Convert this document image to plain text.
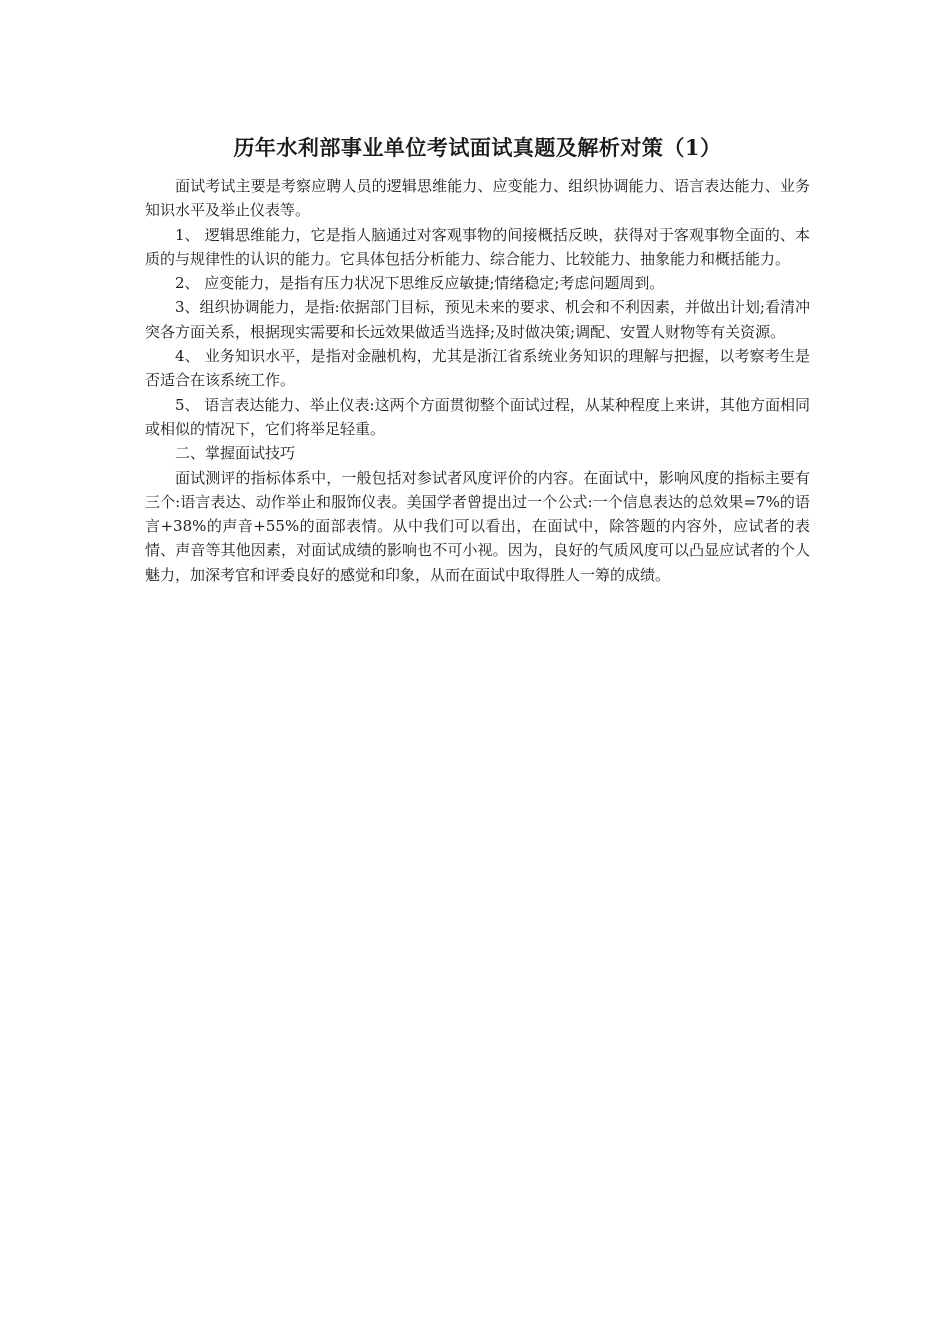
历年水利部事业单位考试面试真题及解析对策（1）

面试考试主要是考察应聘人员的逻辑思维能力、应变能力、组织协调能力、语言表达能力、业务知识水平及举止仪表等。

1、 逻辑思维能力，它是指人脑通过对客观事物的间接概括反映，获得对于客观事物全面的、本质的与规律性的认识的能力。它具体包括分析能力、综合能力、比较能力、抽象能力和概括能力。

2、 应变能力，是指有压力状况下思维反应敏捷;情绪稳定;考虑问题周到。

3、组织协调能力，是指:依据部门目标，预见未来的要求、机会和不利因素，并做出计划;看清冲突各方面关系，根据现实需要和长远效果做适当选择;及时做决策;调配、安置人财物等有关资源。

4、 业务知识水平，是指对金融机构，尤其是浙江省系统业务知识的理解与把握，以考察考生是否适合在该系统工作。

5、 语言表达能力、举止仪表:这两个方面贯彻整个面试过程，从某种程度上来讲，其他方面相同或相似的情况下，它们将举足轻重。

二、掌握面试技巧

面试测评的指标体系中，一般包括对参试者风度评价的内容。在面试中，影响风度的指标主要有三个:语言表达、动作举止和服饰仪表。美国学者曾提出过一个公式:一个信息表达的总效果=7%的语言+38%的声音+55%的面部表情。从中我们可以看出，在面试中，除答题的内容外，应试者的表情、声音等其他因素，对面试成绩的影响也不可小视。因为，良好的气质风度可以凸显应试者的个人魅力，加深考官和评委良好的感觉和印象，从而在面试中取得胜人一筹的成绩。
